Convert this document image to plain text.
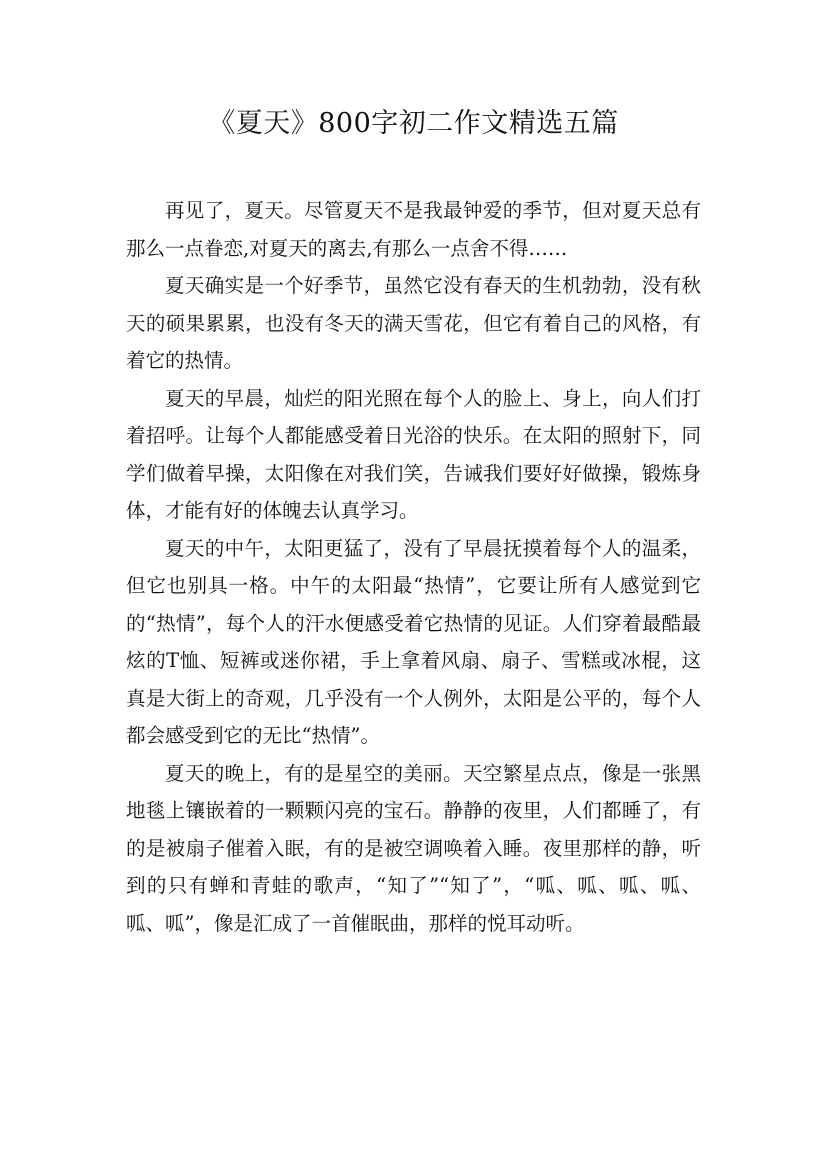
《夏天》800字初二作文精选五篇

再见了，夏天。尽管夏天不是我最钟爱的季节，但对夏天总有那么一点眷恋,对夏天的离去,有那么一点舍不得……

夏天确实是一个好季节，虽然它没有春天的生机勃勃，没有秋天的硕果累累，也没有冬天的满天雪花，但它有着自己的风格，有着它的热情。

夏天的早晨，灿烂的阳光照在每个人的脸上、身上，向人们打着招呼。让每个人都能感受着日光浴的快乐。在太阳的照射下，同学们做着早操，太阳像在对我们笑，告诫我们要好好做操，锻炼身体，才能有好的体魄去认真学习。

夏天的中午，太阳更猛了，没有了早晨抚摸着每个人的温柔，但它也别具一格。中午的太阳最“热情”，它要让所有人感觉到它的“热情”，每个人的汗水便感受着它热情的见证。人们穿着最酷最炫的T恤、短裤或迷你裙，手上拿着风扇、扇子、雪糕或冰棍，这真是大街上的奇观，几乎没有一个人例外，太阳是公平的，每个人都会感受到它的无比“热情”。

夏天的晚上，有的是星空的美丽。天空繁星点点，像是一张黑地毯上镶嵌着的一颗颗闪亮的宝石。静静的夜里，人们都睡了，有的是被扇子催着入眠，有的是被空调唤着入睡。夜里那样的静，听到的只有蝉和青蛙的歌声，“知了”“知了”，“呱、呱、呱、呱、呱、呱”，像是汇成了一首催眠曲，那样的悦耳动听。
